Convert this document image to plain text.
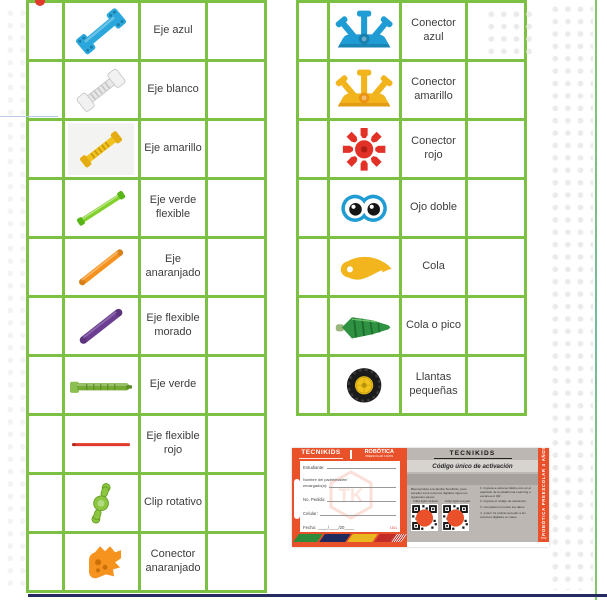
	Eje azul	

	Eje blanco	

	Eje amarillo	

	Eje verde flexible	

	Eje anaranjado	

	Eje flexible morado	

	Eje verde	

	Eje flexible rojo	

	Clip rotativo	

	Conector anaranjado	

	Conector azul	

	Conector amarillo	

	Conector rojo	

	Ojo doble	

	Cola	

	Cola o pico	

	Llantas pequeñas	
TECNIKIDS	ROBÓTICA
PREESCOLAR 4 AÑOS
TK
Estudiante:
Nombre del padre/madre/
encargado(a):
No. Pedido:
Celular:
Fecha: ____/____/20____	1301
TECNIKIDS
Código único de activación
Bienvenido/a a la familia TecniKids, para acceder a los recursos digitales sigue los siguientes pasos:
Código digital estudiante	Código digital encargado

1. Ingresa a www.tecnikids.com en el apartado de la plataforma Learning o escanea el QR.

2. Ingresa el código de activación.

3. Completa con todos tus datos.

4. ¡Listo! Ya podrás acceder a los recursos digitales en clase.	ROBÓTICA PREESCOLAR 4 AÑOS
TKR
